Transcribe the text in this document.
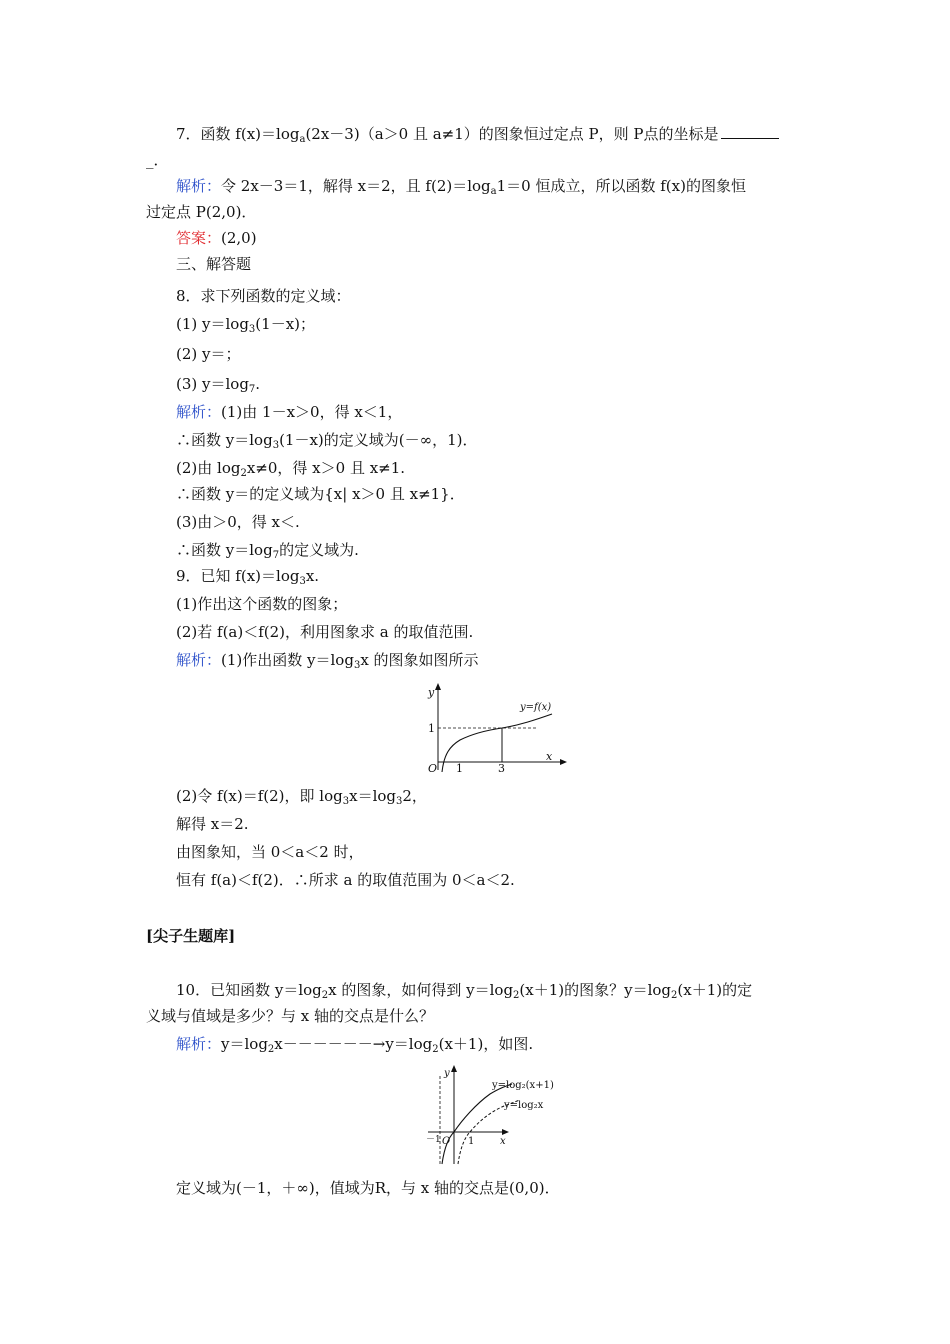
7．函数 $f(x)=\log_a(2x-3)(a>0$ 且 a≠1）的图象恒过定点 P，则 P点的坐标是
_．
解析：令 2x－3＝1，解得 x＝2，且 $f(2)=\log_a1=0$ 恒成立，所以函数 f(x)的图象恒
过定点 P(2,0)．
答案：(2,0)
三、解答题
8．求下列函数的定义域：
(1) $y=\log_3(1-x)$；
(2) y＝；
(3) $y=\log_7$.
解析：(1)由 1－x＞0，得 x＜1，
∴函数 $y=\log_3(1-x)$的定义域为(－∞，1)．
(2)由 $\log_2x\ne 0$，得 x＞0 且 x≠1.
∴函数 y＝的定义域为{x| x＞0 且 x≠1}．
(3)由＞0，得 x＜.
∴函数 $y=\log_7$的定义域为.
9．已知 $f(x)=\log_3x$.
(1)作出这个函数的图象；
(2)若 f(a)＜f(2)，利用图象求 a 的取值范围.
解析：(1)作出函数 $y=\log_3x$ 的图象如图所示
y
x
O 1	3
1
y=f(x)
(2)令 f(x)＝f(2)，即 $\log_3x=\log_32$，
解得 x＝2.
由图象知，当 0＜a＜2 时，
恒有 f(a)＜f(2)．∴所求 a 的取值范围为 0＜a＜2.
[尖子生题库]
10．已知函数 $y=\log_2x$ 的图象，如何得到 $y=\log_2(x+1)$的图象？$y=\log_2(x+1)$的定
义域与值域是多少？与 x 轴的交点是什么？
解析：$y=\log_2x------\to y=\log_2(x+1)$，如图.
y
x
O
－1	1
y=log₂(x+1)
y=log₂x
定义域为(－1，＋∞)，值域为R，与 x 轴的交点是(0,0)．
